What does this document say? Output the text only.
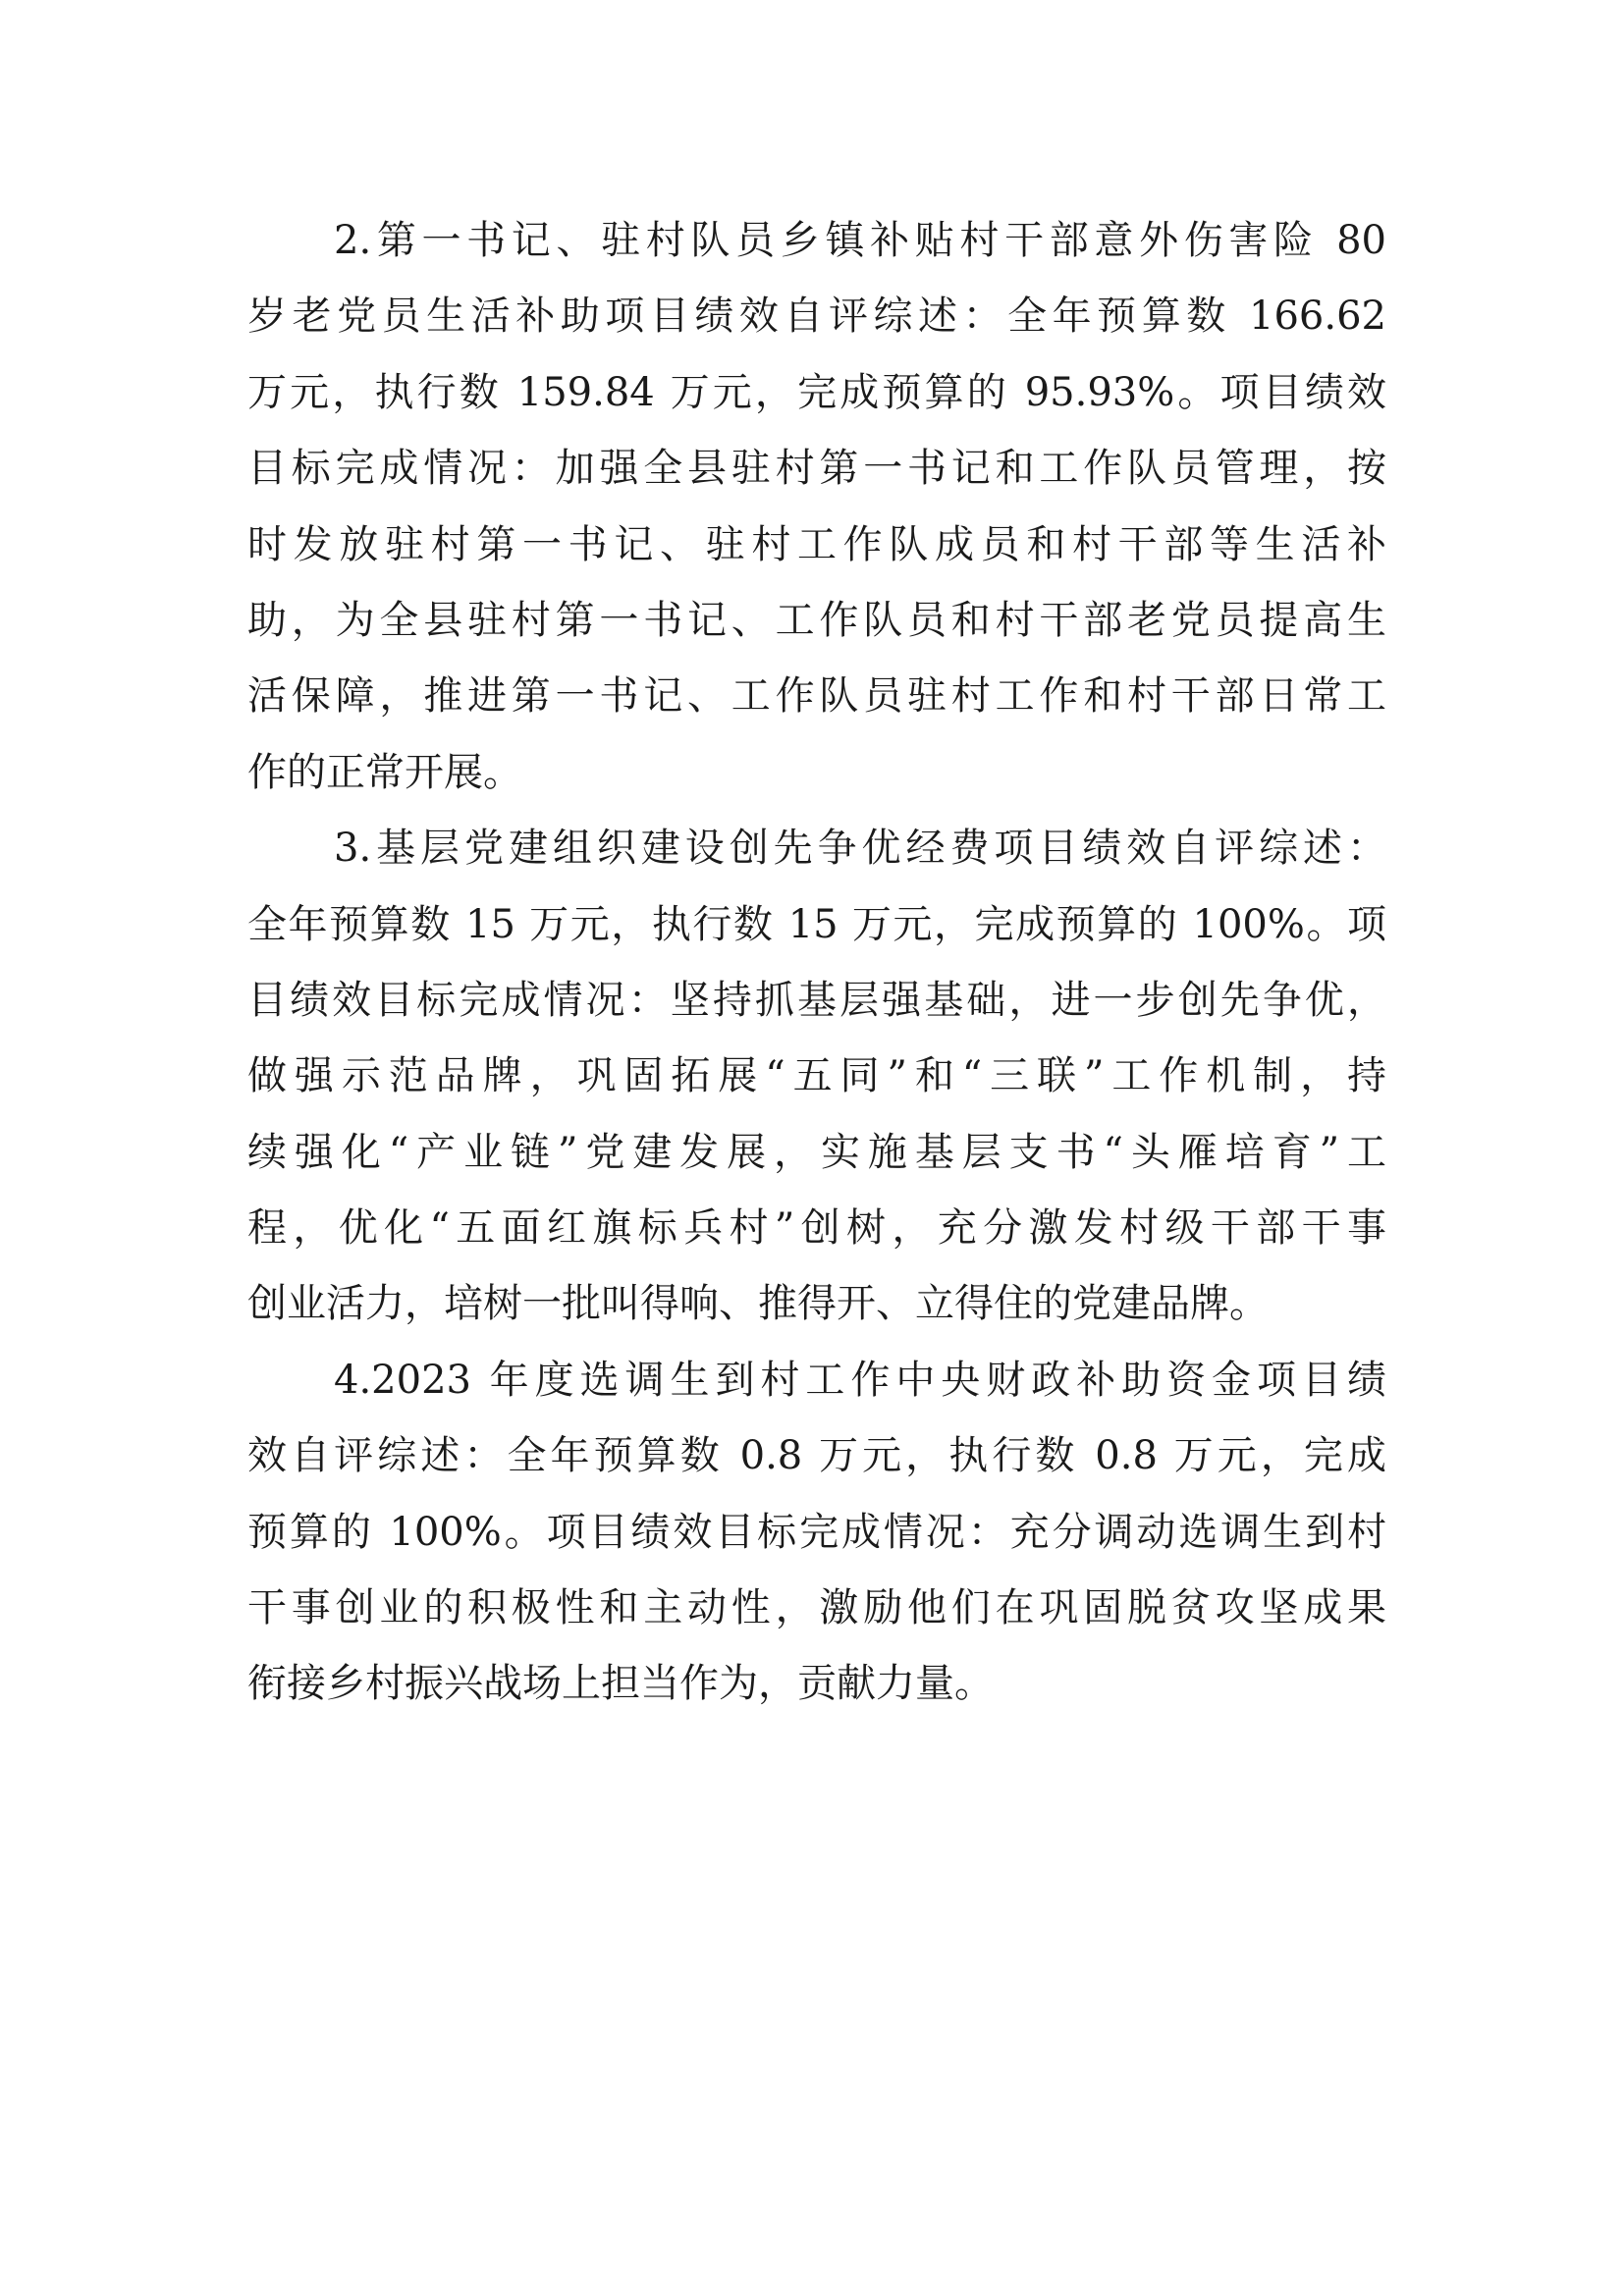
2.第一书记、驻村队员乡镇补贴村干部意外伤害险 80
岁老党员生活补助项目绩效自评综述：全年预算数 166.62
万元，执行数 159.84 万元，完成预算的 95.93%。项目绩效
目标完成情况：加强全县驻村第一书记和工作队员管理，按
时发放驻村第一书记、驻村工作队成员和村干部等生活补
助，为全县驻村第一书记、工作队员和村干部老党员提高生
活保障，推进第一书记、工作队员驻村工作和村干部日常工
作的正常开展。
3.基层党建组织建设创先争优经费项目绩效自评综述：
全年预算数 15 万元，执行数 15 万元，完成预算的 100%。项
目绩效目标完成情况：坚持抓基层强基础，进一步创先争优，
做强示范品牌，巩固拓展“五同”和“三联”工作机制，持
续强化“产业链”党建发展，实施基层支书“头雁培育”工
程，优化“五面红旗标兵村”创树，充分激发村级干部干事
创业活力，培树一批叫得响、推得开、立得住的党建品牌。
4.2023 年度选调生到村工作中央财政补助资金项目绩
效自评综述：全年预算数 0.8 万元，执行数 0.8 万元，完成
预算的 100%。项目绩效目标完成情况：充分调动选调生到村
干事创业的积极性和主动性，激励他们在巩固脱贫攻坚成果
衔接乡村振兴战场上担当作为，贡献力量。
